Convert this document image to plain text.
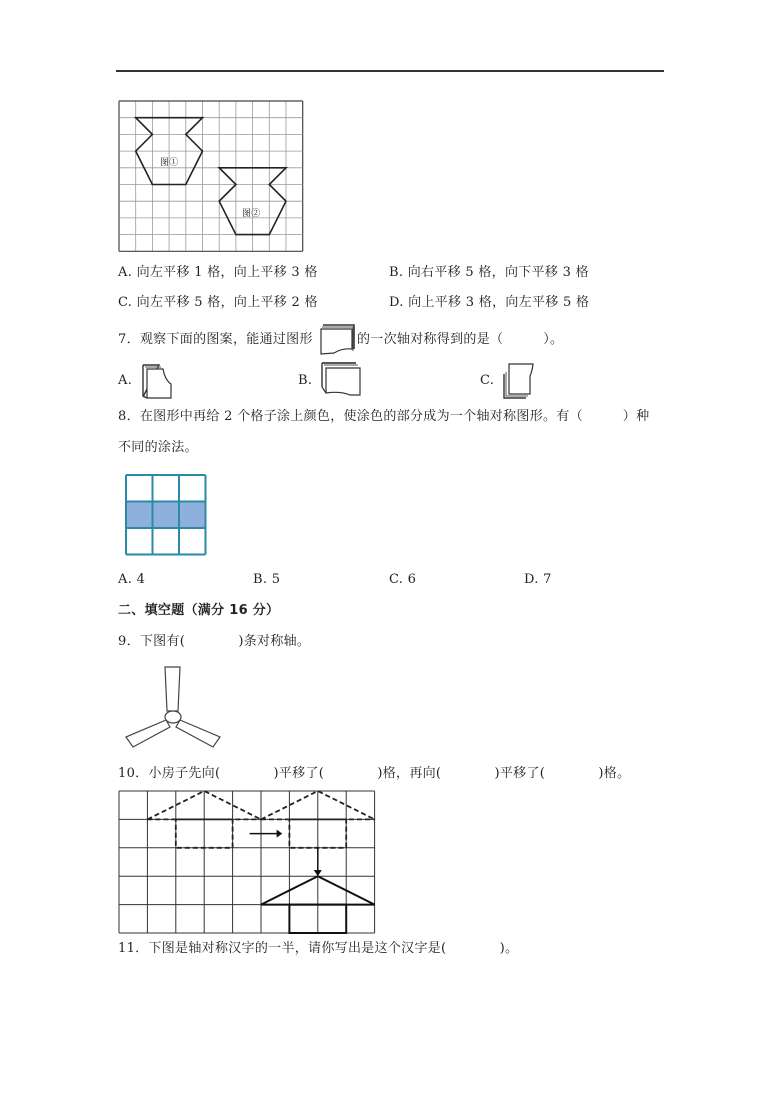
图①
图②
A. 向左平移 1 格，向上平移 3 格	B. 向右平移 5 格，向下平移 3 格
C. 向左平移 5 格，向上平移 2 格	D. 向上平移 3 格，向左平移 5 格
7．观察下面的图案，能通过图形	的一次轴对称得到的是（　　　）。
A.	B.	C.
8．在图形中再给 2 个格子涂上颜色，使涂色的部分成为一个轴对称图形。有（　　　）种
不同的涂法。
A. 4	B. 5	C. 6	D. 7
二、填空题（满分 16 分）
9．下图有(　　　　)条对称轴。
10．小房子先向(　　　　)平移了(　　　　)格，再向(　　　　)平移了(　　　　)格。
11．下图是轴对称汉字的一半，请你写出是这个汉字是(　　　　)。
